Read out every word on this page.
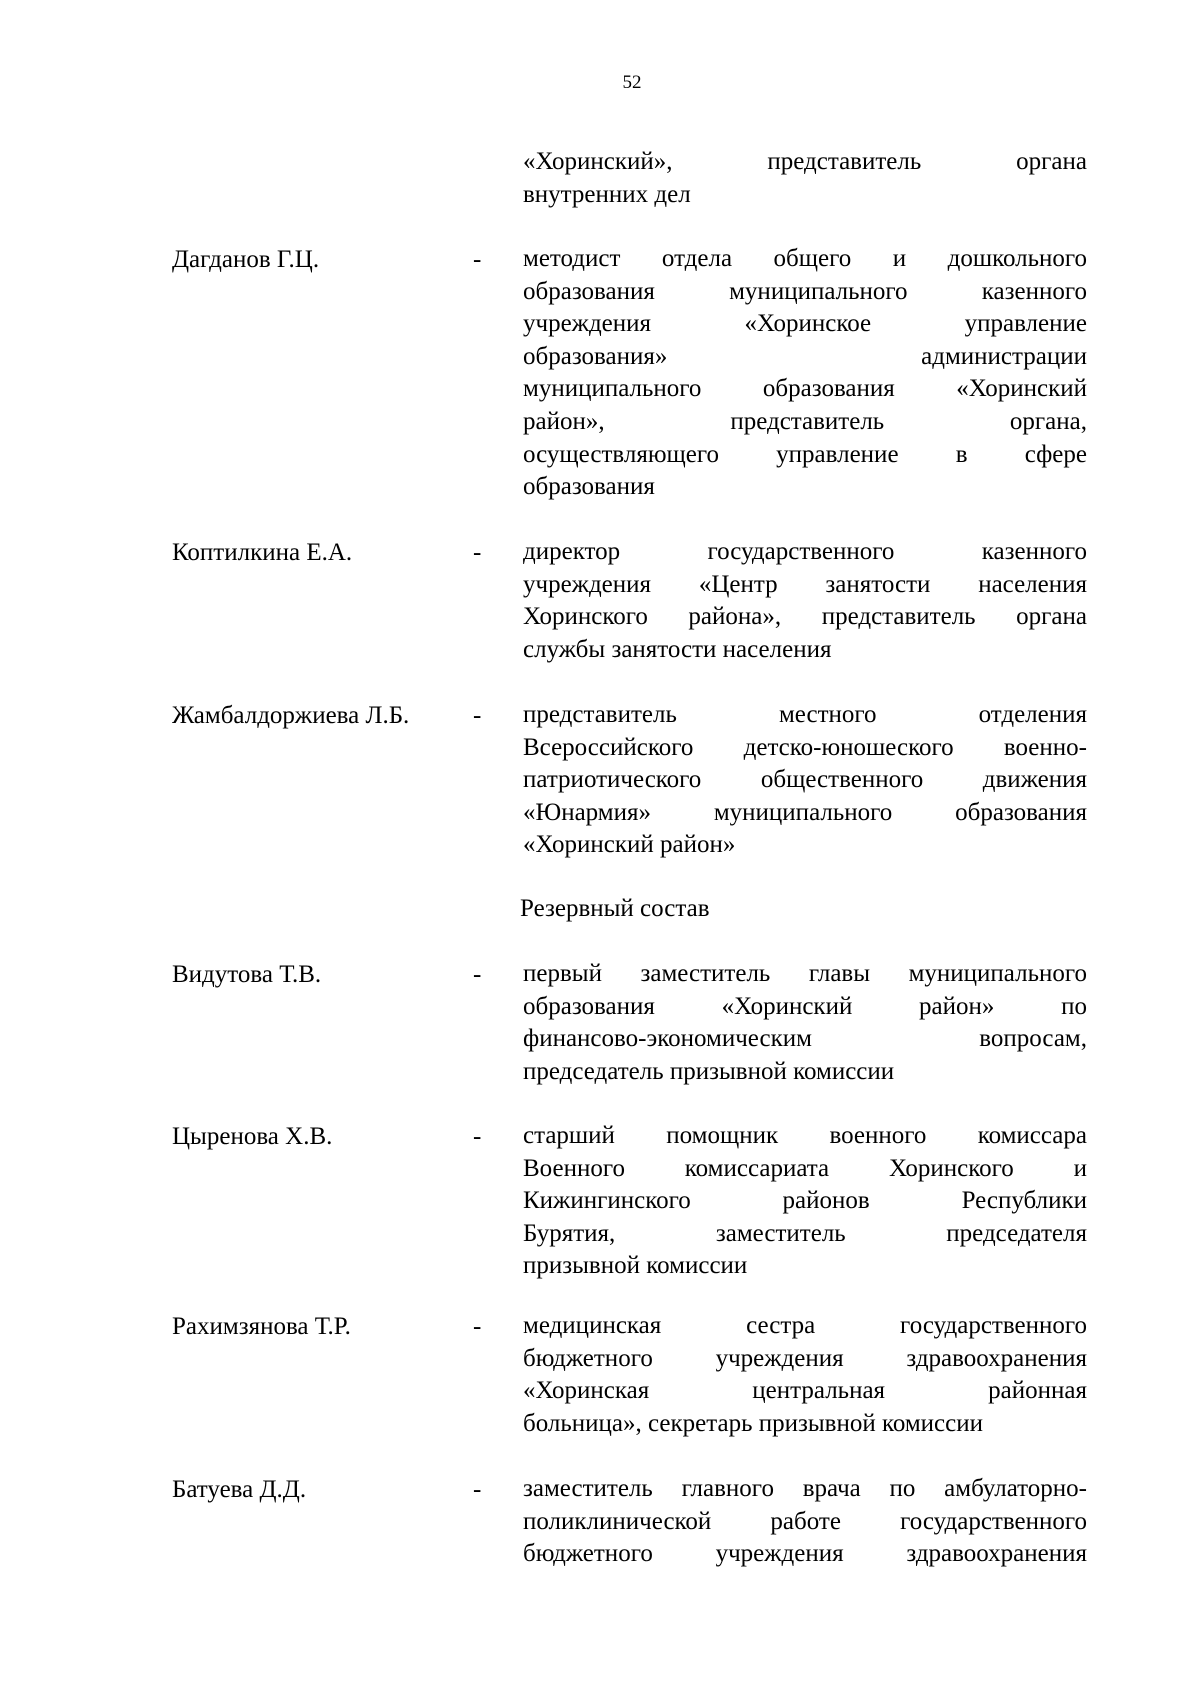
52
«Хоринский», представитель органа
внутренних дел
Дагданов Г.Ц.	- методист отдела общего и дошкольного
образования муниципального казенного
учреждения «Хоринское управление
образования» администрации
муниципального образования «Хоринский
район», представитель органа,
осуществляющего управление в сфере
образования
Коптилкина Е.А.	- директор государственного казенного
учреждения «Центр занятости населения
Хоринского района», представитель органа
службы занятости населения
Жамбалдоржиева Л.Б.	- представитель местного отделения
Всероссийского детско-юношеского военно-
патриотического общественного движения
«Юнармия» муниципального образования
«Хоринский район»
Резервный состав
Видутова Т.В.	- первый заместитель главы муниципального
образования «Хоринский район» по
финансово-экономическим вопросам,
председатель призывной комиссии
Цыренова Х.В.	- старший помощник военного комиссара
Военного комиссариата Хоринского и
Кижингинского районов Республики
Бурятия, заместитель председателя
призывной комиссии
Рахимзянова Т.Р.	- медицинская сестра государственного
бюджетного учреждения здравоохранения
«Хоринская центральная районная
больница», секретарь призывной комиссии
Батуева Д.Д.	- заместитель главного врача по амбулаторно-
поликлинической работе государственного
бюджетного учреждения здравоохранения
